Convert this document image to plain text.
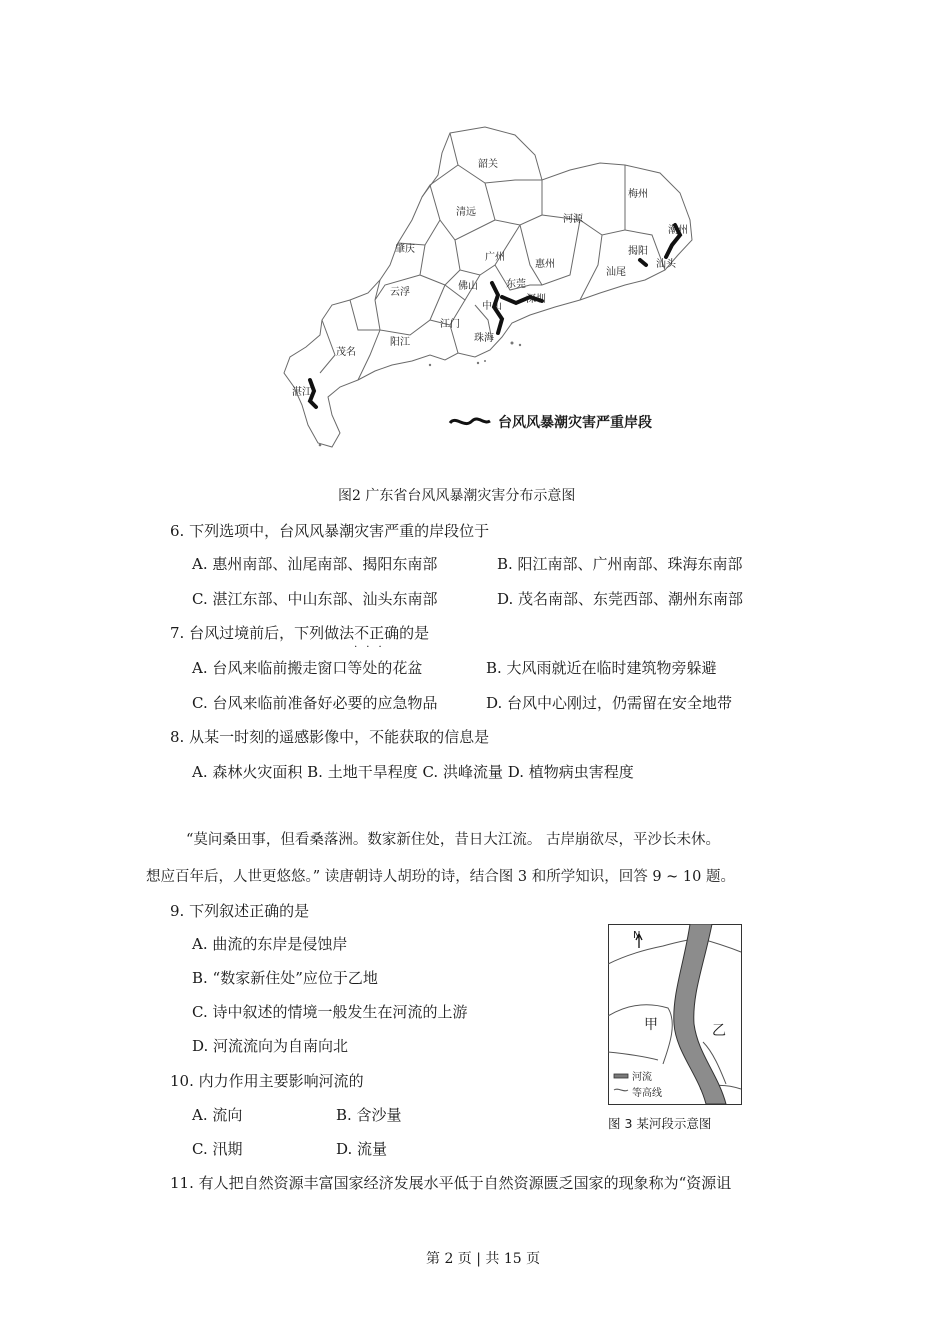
韶关
梅州
清远
河源
潮州
肇庆
广州
惠州
揭阳
汕头
汕尾
云浮
佛山	东莞
深圳
中山
江门
珠海
阳江
茂名
湛江
台风风暴潮灾害严重岸段
图2 广东省台风风暴潮灾害分布示意图
6. 下列选项中，台风风暴潮灾害严重的岸段位于
A. 惠州南部、汕尾南部、揭阳东南部	B. 阳江南部、广州南部、珠海东南部
C. 湛江东部、中山东部、汕头东南部	D. 茂名南部、东莞西部、潮州东南部
7. 台风过境前后，下列做法不正确
···
的是
A. 台风来临前搬走窗口等处的花盆	B. 大风雨就近在临时建筑物旁躲避
C. 台风来临前准备好必要的应急物品	D. 台风中心刚过，仍需留在安全地带
8. 从某一时刻的遥感影像中，不能获取的信息是
A. 森林火灾面积 B. 土地干旱程度 C. 洪峰流量 D. 植物病虫害程度
“莫问桑田事，但看桑落洲。数家新住处，昔日大江流。 古岸崩欲尽，平沙长未休。
想应百年后，人世更悠悠。” 读唐朝诗人胡玢的诗，结合图 3 和所学知识，回答 9 ~ 10 题。
9. 下列叙述正确的是
A. 曲流的东岸是侵蚀岸
B. “数家新住处”应位于乙地
C. 诗中叙述的情境一般发生在河流的上游
D. 河流流向为自南向北
10. 内力作用主要影响河流的
A. 流向	B. 含沙量
C. 汛期	D. 流量
11. 有人把自然资源丰富国家经济发展水平低于自然资源匮乏国家的现象称为“资源诅
N
甲	乙
河流
等高线
图 3 某河段示意图
第 2 页 | 共 15 页
